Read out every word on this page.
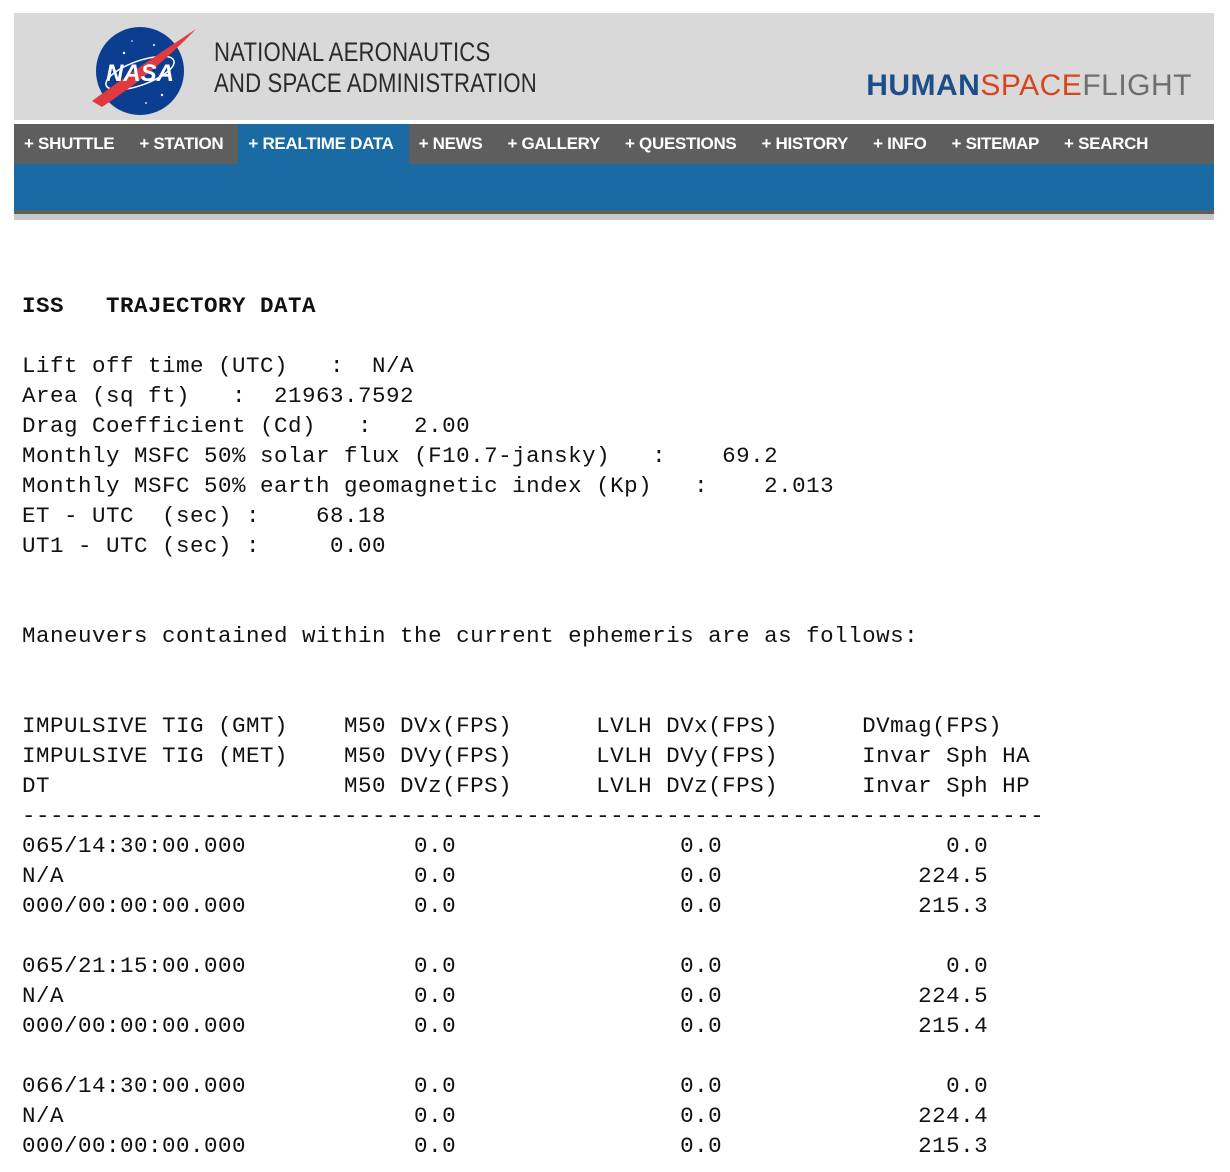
NASA
NATIONAL AERONAUTICS
AND SPACE ADMINISTRATION	HUMANSPACEFLIGHT
+ SHUTTLE	+ STATION	+ REALTIME DATA	+ NEWS	+ GALLERY	+ QUESTIONS	+ HISTORY	+ INFO	+ SITEMAP	+ SEARCH
ISS   TRAJECTORY DATA

Lift off time (UTC)   :  N/A
Area (sq ft)   :  21963.7592
Drag Coefficient (Cd)   :   2.00
Monthly MSFC 50% solar flux (F10.7-jansky)   :    69.2
Monthly MSFC 50% earth geomagnetic index (Kp)   :    2.013
ET - UTC  (sec) :    68.18
UT1 - UTC (sec) :     0.00

Maneuvers contained within the current ephemeris are as follows:

IMPULSIVE TIG (GMT)    M50 DVx(FPS)      LVLH DVx(FPS)      DVmag(FPS)
IMPULSIVE TIG (MET)    M50 DVy(FPS)      LVLH DVy(FPS)      Invar Sph HA
DT                     M50 DVz(FPS)      LVLH DVz(FPS)      Invar Sph HP
-------------------------------------------------------------------------
065/14:30:00.000            0.0                0.0                0.0
N/A                         0.0                0.0              224.5
000/00:00:00.000            0.0                0.0              215.3

065/21:15:00.000            0.0                0.0                0.0
N/A                         0.0                0.0              224.5
000/00:00:00.000            0.0                0.0              215.4

066/14:30:00.000            0.0                0.0                0.0
N/A                         0.0                0.0              224.4
000/00:00:00.000            0.0                0.0              215.3
